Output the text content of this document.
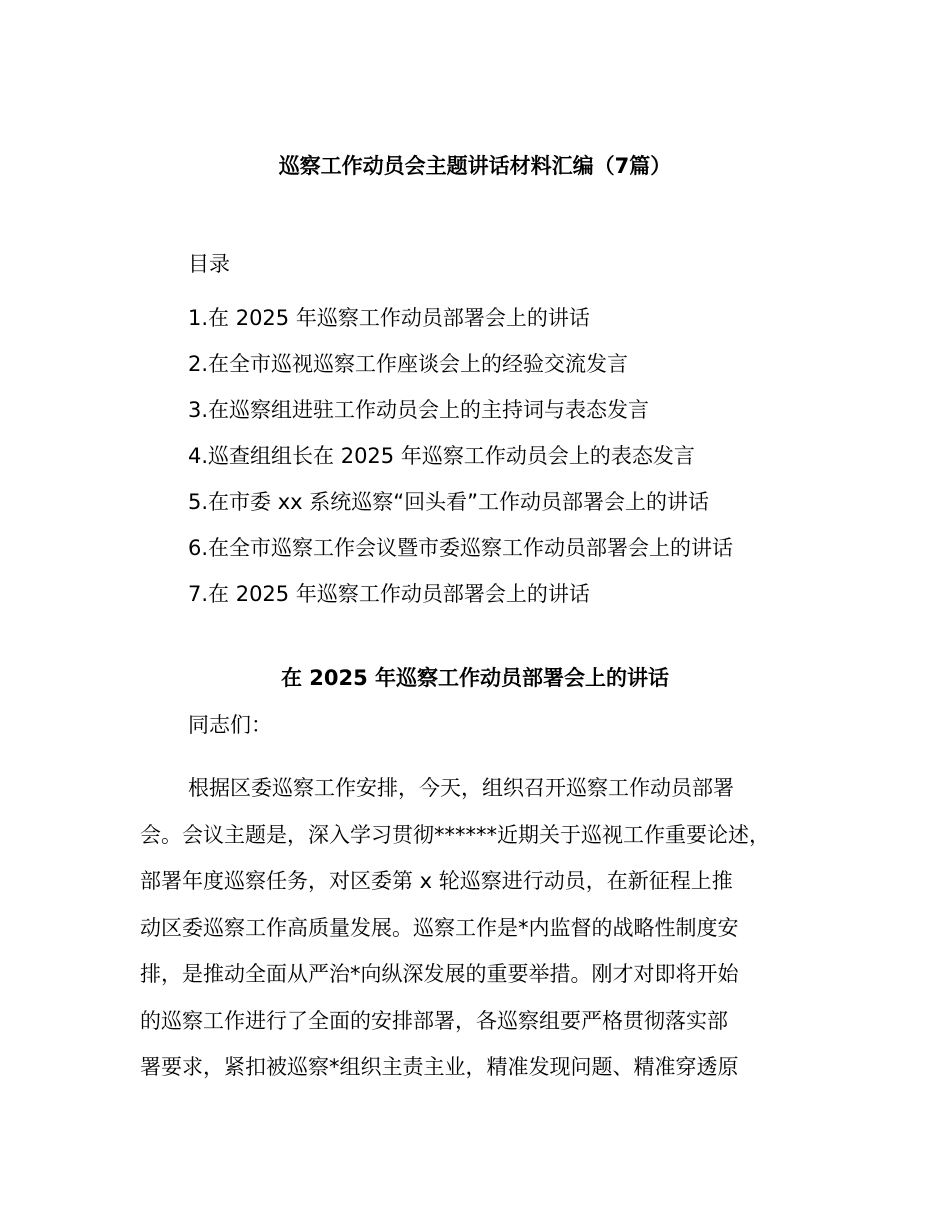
巡察工作动员会主题讲话材料汇编（7篇）
目录
1.在 2025 年巡察工作动员部署会上的讲话
2.在全市巡视巡察工作座谈会上的经验交流发言
3.在巡察组进驻工作动员会上的主持词与表态发言
4.巡查组组长在 2025 年巡察工作动员会上的表态发言
5.在市委 xx 系统巡察“回头看”工作动员部署会上的讲话
6.在全市巡察工作会议暨市委巡察工作动员部署会上的讲话
7.在 2025 年巡察工作动员部署会上的讲话
在 2025 年巡察工作动员部署会上的讲话
同志们：
根据区委巡察工作安排，今天，组织召开巡察工作动员部署
会。会议主题是，深入学习贯彻******近期关于巡视工作重要论述，
部署年度巡察任务，对区委第 x 轮巡察进行动员，在新征程上推
动区委巡察工作高质量发展。巡察工作是*内监督的战略性制度安
排，是推动全面从严治*向纵深发展的重要举措。刚才对即将开始
的巡察工作进行了全面的安排部署，各巡察组要严格贯彻落实部
署要求，紧扣被巡察*组织主责主业，精准发现问题、精准穿透原
